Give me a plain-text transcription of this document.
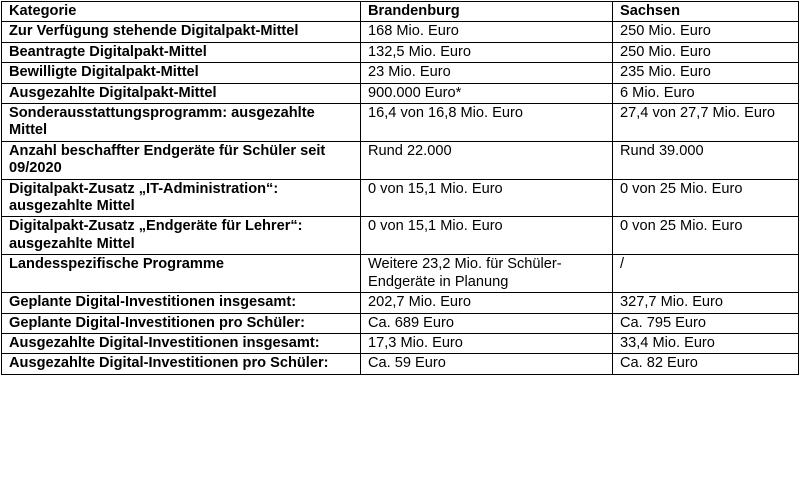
Kategorie	Brandenburg	Sachsen
Zur Verfügung stehende Digitalpakt-Mittel	168 Mio. Euro	250 Mio. Euro
Beantragte Digitalpakt-Mittel	132,5 Mio. Euro	250 Mio. Euro
Bewilligte Digitalpakt-Mittel	23 Mio. Euro	235 Mio. Euro
Ausgezahlte Digitalpakt-Mittel	900.000 Euro*	6 Mio. Euro
Sonderausstattungsprogramm: ausgezahlte Mittel	16,4 von 16,8 Mio. Euro	27,4 von 27,7 Mio. Euro
Anzahl beschaffter Endgeräte für Schüler seit 09/2020	Rund 22.000	Rund 39.000
Digitalpakt-Zusatz „IT-Administration“: ausgezahlte Mittel	0 von 15,1 Mio. Euro	0 von 25 Mio. Euro
Digitalpakt-Zusatz „Endgeräte für Lehrer“: ausgezahlte Mittel	0 von 15,1 Mio. Euro	0 von 25 Mio. Euro
Landesspezifische Programme	Weitere 23,2 Mio. für Schüler-Endgeräte in Planung	/
Geplante Digital-Investitionen insgesamt:	202,7 Mio. Euro	327,7 Mio. Euro
Geplante Digital-Investitionen pro Schüler:	Ca. 689 Euro	Ca. 795 Euro
Ausgezahlte Digital-Investitionen insgesamt:	17,3 Mio. Euro	33,4 Mio. Euro
Ausgezahlte Digital-Investitionen pro Schüler:	Ca. 59 Euro	Ca. 82 Euro
